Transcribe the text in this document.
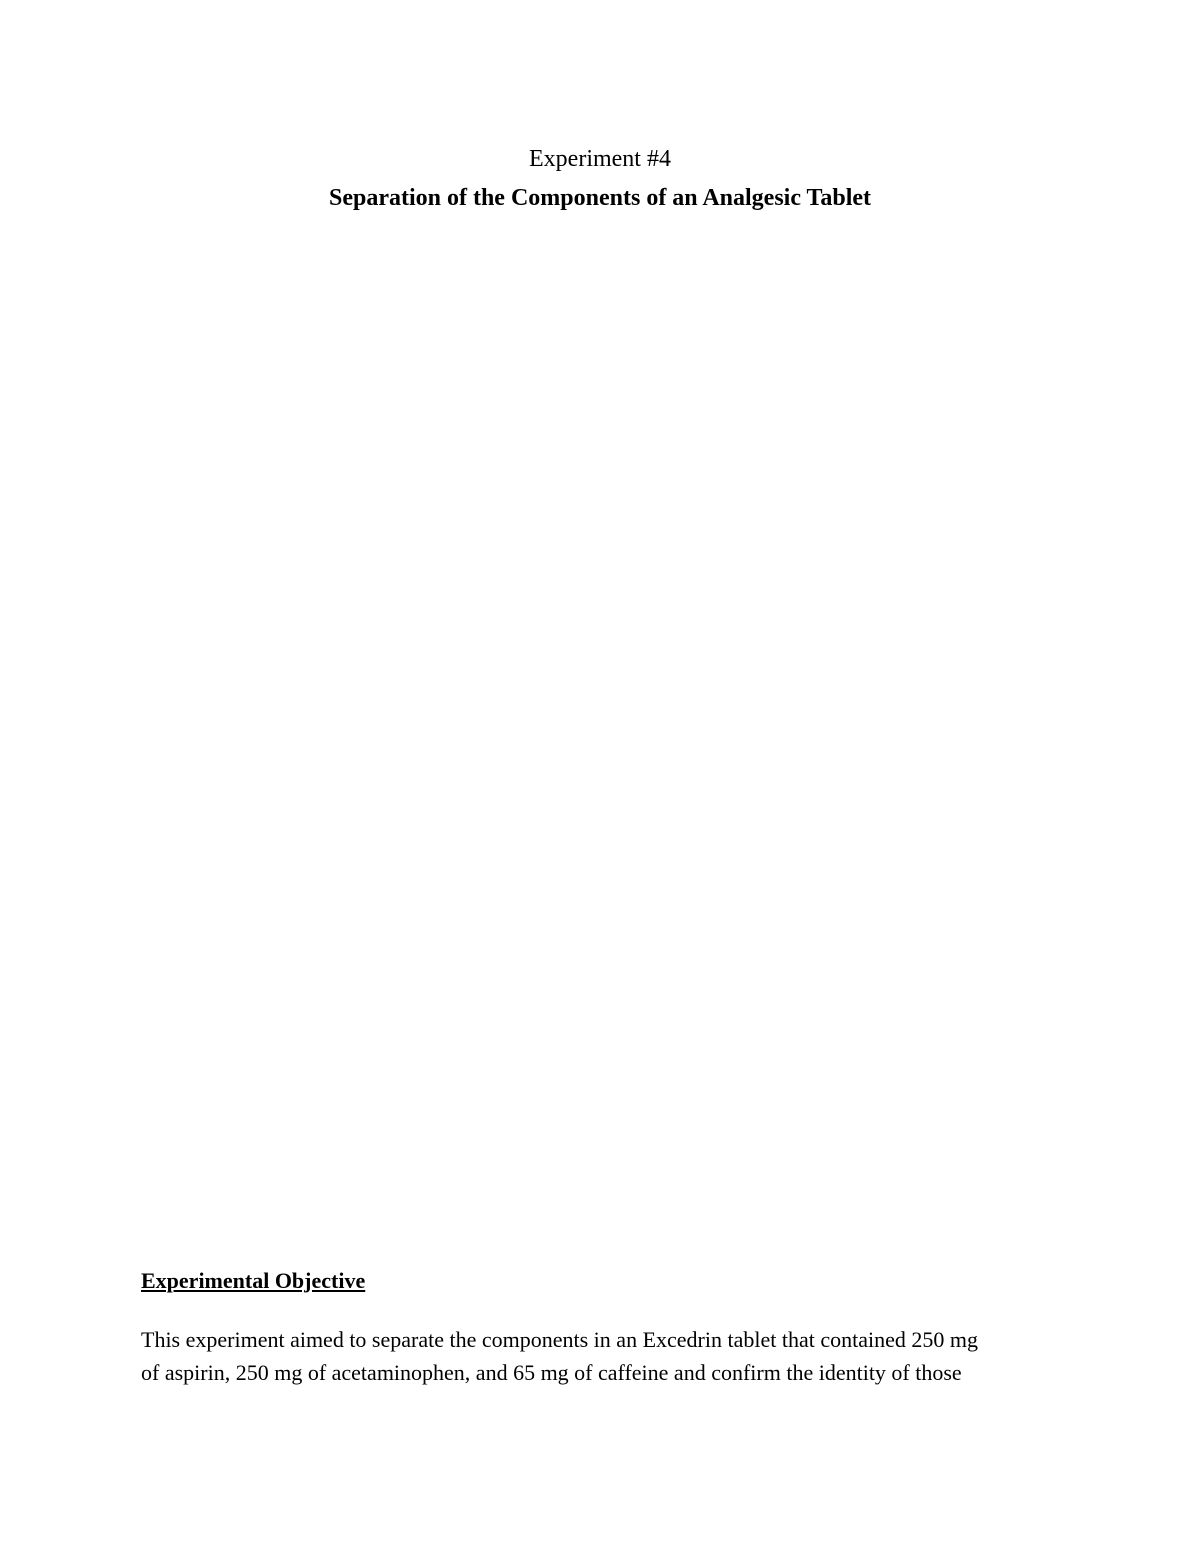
Experiment #4

Separation of the Components of an Analgesic Tablet

Experimental Objective

This experiment aimed to separate the components in an Excedrin tablet that contained 250 mg
of aspirin, 250 mg of acetaminophen, and 65 mg of caffeine and confirm the identity of those
